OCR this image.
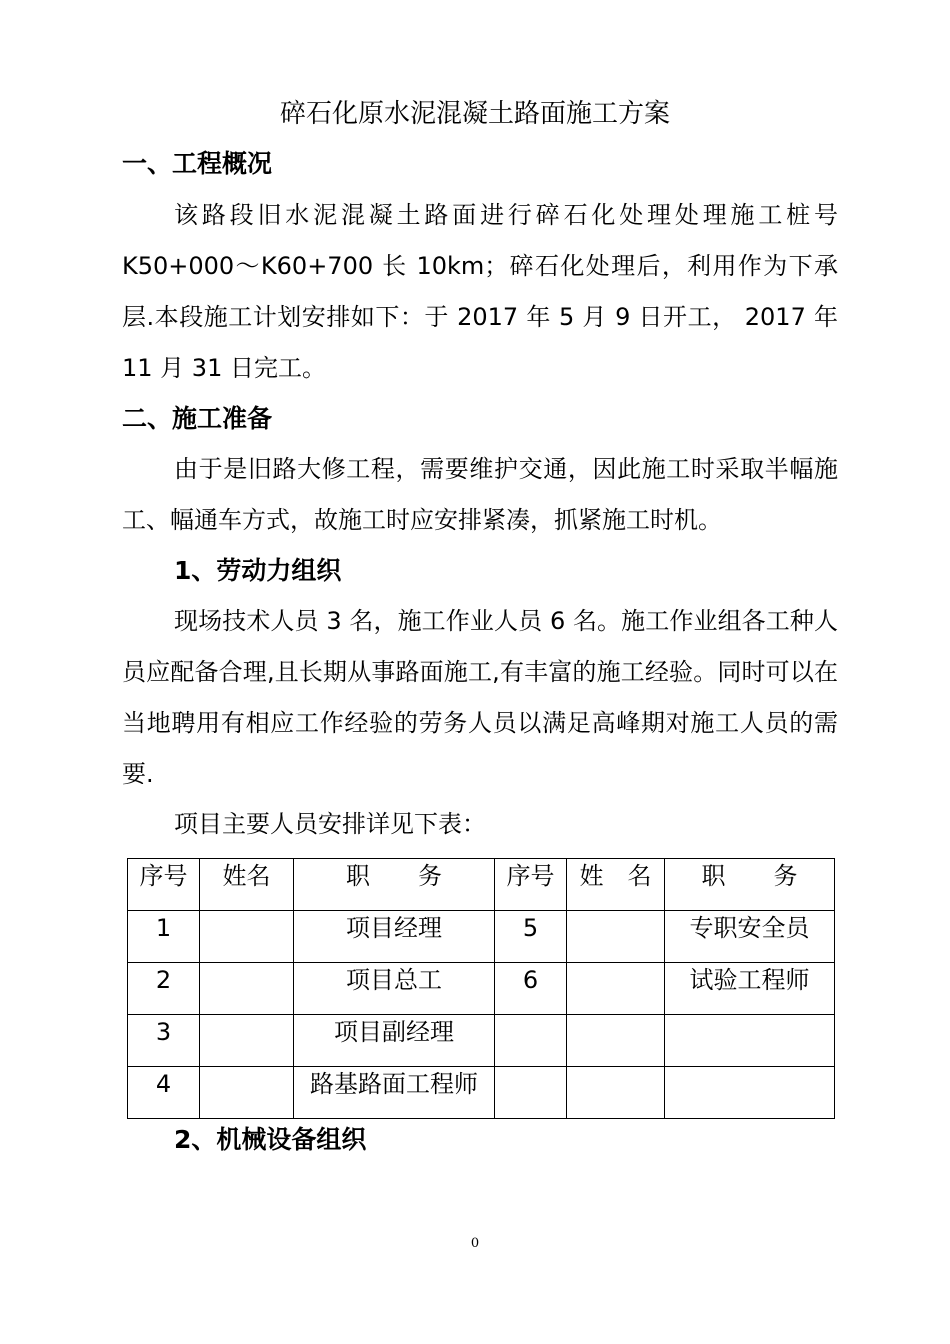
碎石化原水泥混凝土路面施工方案
一、工程概况

该路段旧水泥混凝土路面进行碎石化处理处理施工桩号K50+000～K60+700 长 10km；碎石化处理后，利用作为下承层.本段施工计划安排如下：于 2017 年 5 月 9 日开工， 2017 年11 月 31 日完工。

二、施工准备

由于是旧路大修工程，需要维护交通，因此施工时采取半幅施工、幅通车方式，故施工时应安排紧凑，抓紧施工时机。

1、劳动力组织

现场技术人员 3 名，施工作业人员 6 名。施工作业组各工种人员应配备合理,且长期从事路面施工,有丰富的施工经验。同时可以在当地聘用有相应工作经验的劳务人员以满足高峰期对施工人员的需要.

项目主要人员安排详见下表：
序号	姓名	职　　务	序号	姓　名	职　　务
1		项目经理	5		专职安全员
2		项目总工	6		试验工程师
3		项目副经理			
4		路基路面工程师			
2、机械设备组织
0
